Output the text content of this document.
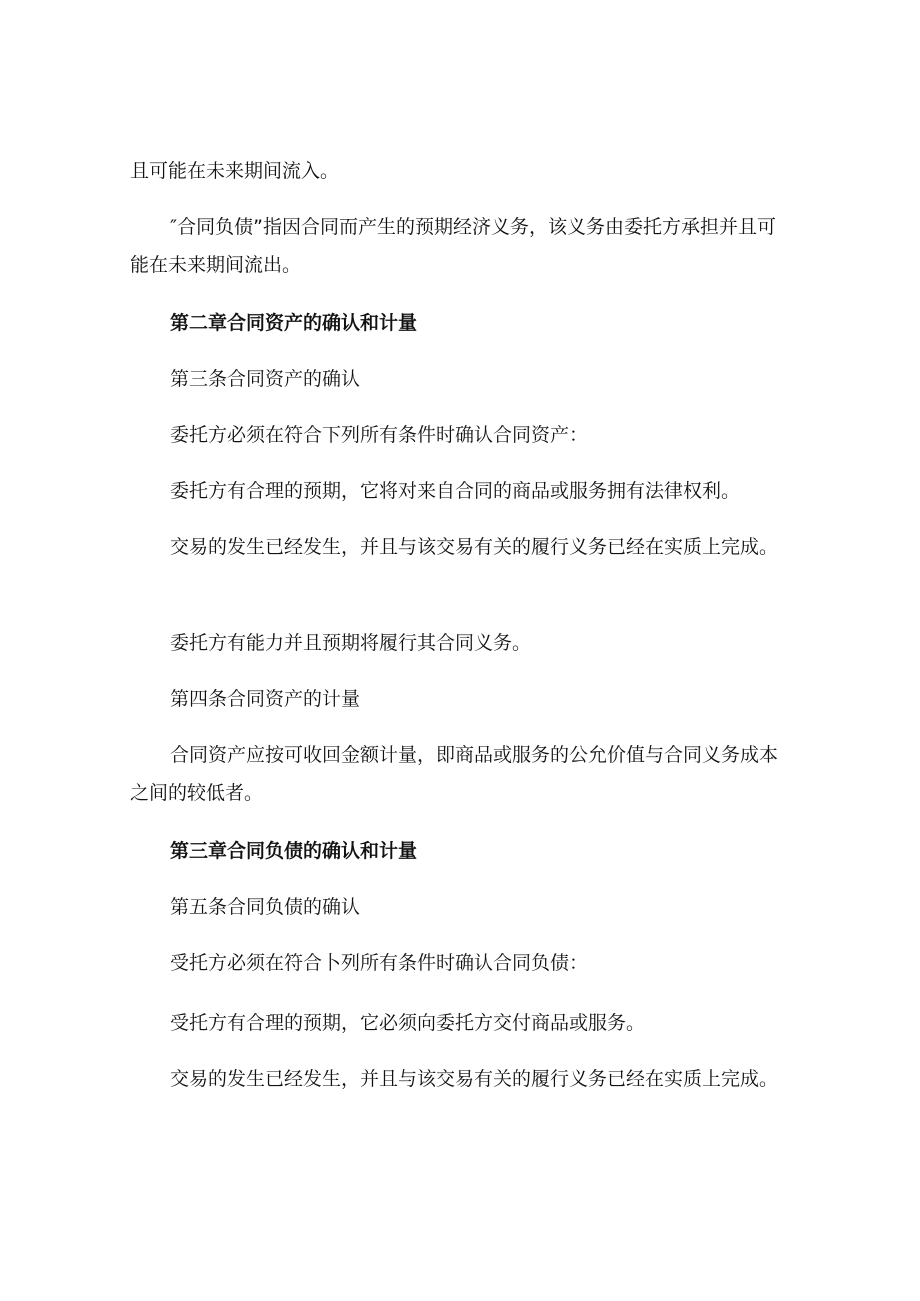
且可能在未来期间流入。

″合同负债”指因合同而产生的预期经济义务，该义务由委托方承担并且可能在未来期间流出。

第二章合同资产的确认和计量

第三条合同资产的确认

委托方必须在符合下列所有条件时确认合同资产：

委托方有合理的预期，它将对来自合同的商品或服务拥有法律权利。

交易的发生已经发生，并且与该交易有关的履行义务已经在实质上完成。

委托方有能力并且预期将履行其合同义务。

第四条合同资产的计量

合同资产应按可收回金额计量，即商品或服务的公允价值与合同义务成本之间的较低者。

第三章合同负债的确认和计量

第五条合同负债的确认

受托方必须在符合卜列所有条件时确认合同负债：

受托方有合理的预期，它必须向委托方交付商品或服务。

交易的发生已经发生，并且与该交易有关的履行义务已经在实质上完成。
